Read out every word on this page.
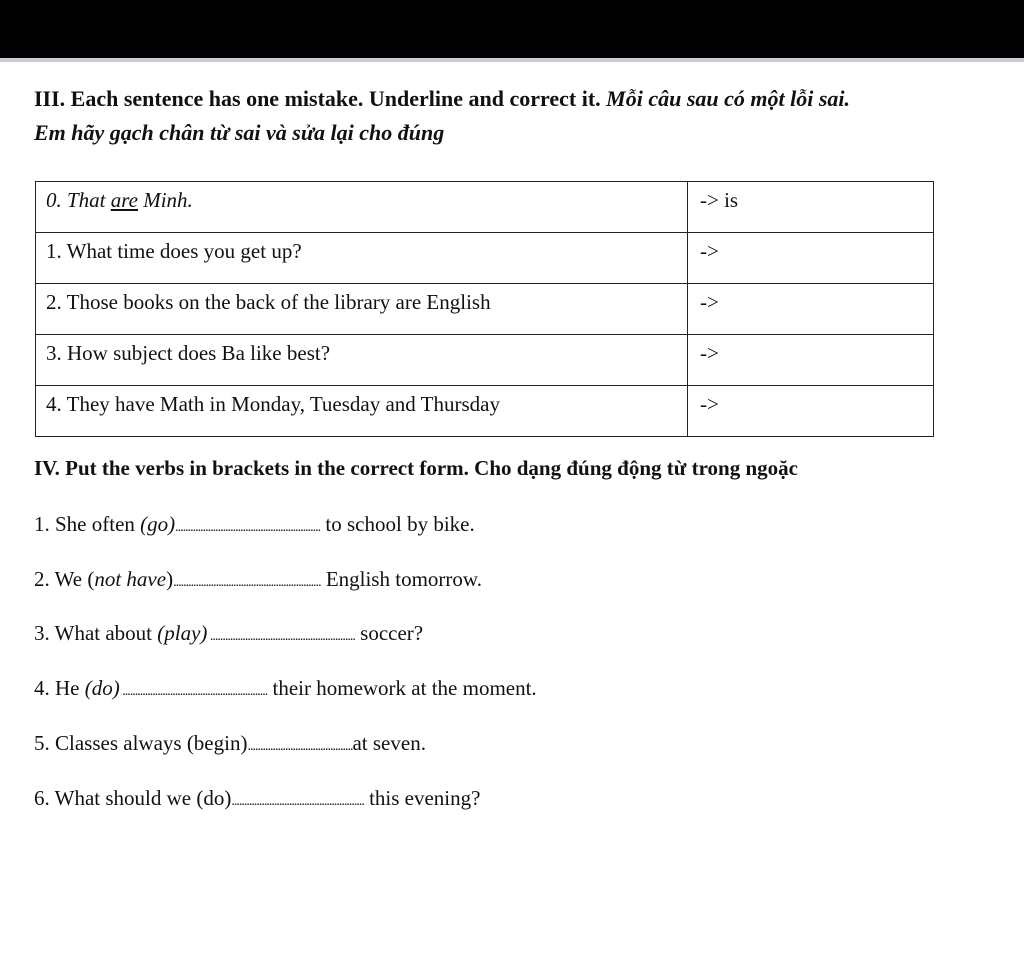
III. Each sentence has one mistake. Underline and correct it. Mỗi câu sau có một lỗi sai.
Em hãy gạch chân từ sai và sửa lại cho đúng
0. That are Minh.	-> is
1. What time does you get up?	->
2. Those books on the back of the library are English	->
3. How subject does Ba like best?	->
4. They have Math in Monday, Tuesday and Thursday	->
IV. Put the verbs in brackets in the correct form. Cho dạng đúng động từ trong ngoặc
1. She often (go).......................................................... to school by bike.
2. We (not have)........................................................... English tomorrow.
3. What about (play) .......................................................... soccer?
4. He (do) .......................................................... their homework at the moment.
5. Classes always (begin)..........................................at seven.
6. What should we (do)..................................................... this evening?
